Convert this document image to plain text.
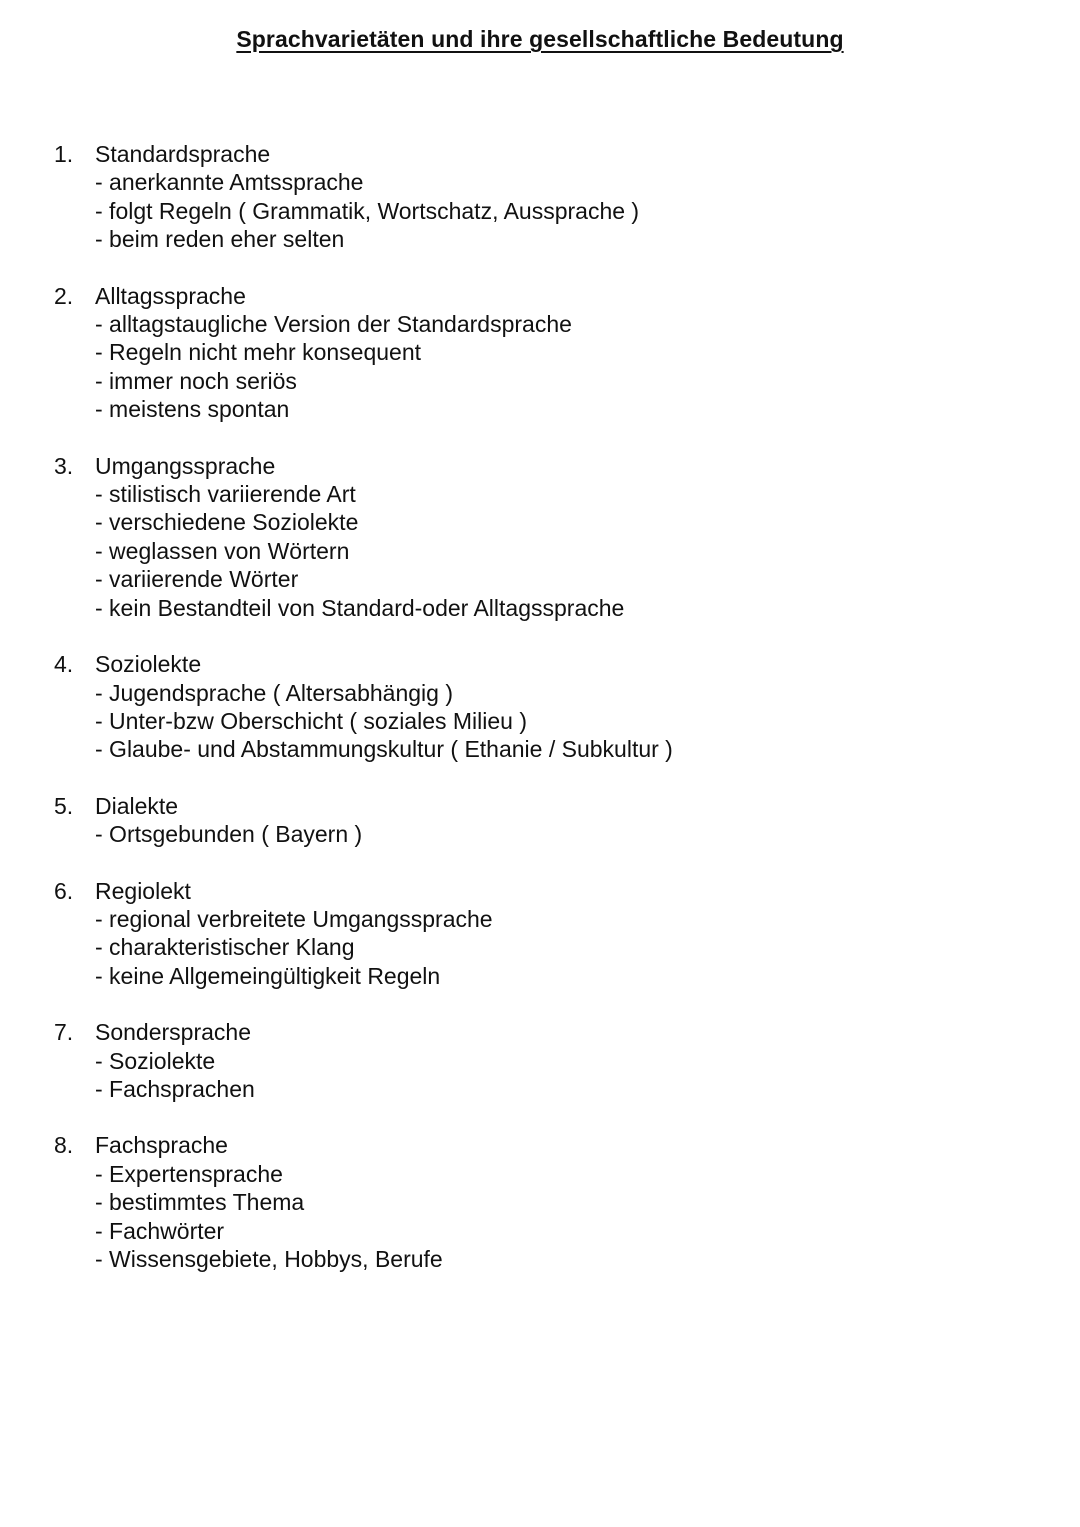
Sprachvarietäten und ihre gesellschaftliche Bedeutung
1. Standardsprache
- anerkannte Amtssprache
- folgt Regeln ( Grammatik, Wortschatz, Aussprache )
- beim reden eher selten
2. Alltagssprache
- alltagstaugliche Version der Standardsprache
- Regeln nicht mehr konsequent
- immer noch seriös
- meistens spontan
3. Umgangssprache
- stilistisch variierende Art
- verschiedene Soziolekte
- weglassen von Wörtern
- variierende Wörter
- kein Bestandteil von Standard-oder Alltagssprache
4. Soziolekte
- Jugendsprache ( Altersabhängig )
- Unter-bzw Oberschicht ( soziales Milieu )
- Glaube- und Abstammungskultur ( Ethanie / Subkultur )
5. Dialekte
- Ortsgebunden ( Bayern )
6. Regiolekt
- regional verbreitete Umgangssprache
- charakteristischer Klang
- keine Allgemeingültigkeit Regeln
7. Sondersprache
- Soziolekte
- Fachsprachen
8. Fachsprache
- Expertensprache
- bestimmtes Thema
- Fachwörter
- Wissensgebiete, Hobbys, Berufe
